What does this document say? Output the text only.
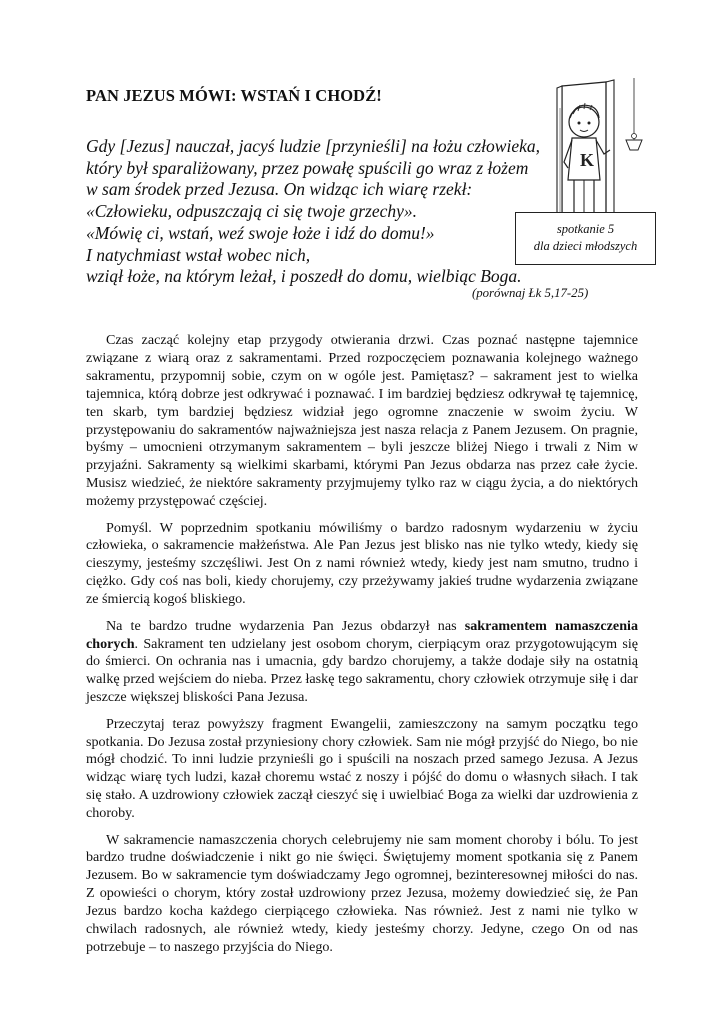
PAN JEZUS MÓWI: WSTAŃ I CHODŹ!
Gdy [Jezus] nauczał, jacyś ludzie [przynieśli] na łożu człowieka,
który był sparaliżowany, przez powałę spuścili go wraz z łożem
w sam środek przed Jezusa. On widząc ich wiarę rzekł:
«Człowieku, odpuszczają ci się twoje grzechy».
«Mówię ci, wstań, weź swoje łoże i idź do domu!»
I natychmiast wstał wobec nich,
wziął łoże, na którym leżał, i poszedł do domu, wielbiąc Boga.
(porównaj Łk 5,17-25)
K
spotkanie 5
dla dzieci młodszych

Czas zacząć kolejny etap przygody otwierania drzwi. Czas poznać następne tajemnice związane z wiarą oraz z sakramentami. Przed rozpoczęciem poznawania kolejnego ważnego sakramentu, przypomnij sobie, czym on w ogóle jest. Pamiętasz? – sakrament jest to wielka tajemnica, którą dobrze jest odkrywać i poznawać. I im bardziej będziesz odkrywał tę tajemnicę, ten skarb, tym bardziej będziesz widział jego ogromne znaczenie w swoim życiu. W przystępowaniu do sakramentów najważniejsza jest nasza relacja z Panem Jezusem. On pragnie, byśmy – umocnieni otrzymanym sakramentem – byli jeszcze bliżej Niego i trwali z Nim w przyjaźni. Sakramenty są wielkimi skarbami, którymi Pan Jezus obdarza nas przez całe życie. Musisz wiedzieć, że niektóre sakramenty przyjmujemy tylko raz w ciągu życia, a do niektórych możemy przystępować częściej.

Pomyśl. W poprzednim spotkaniu mówiliśmy o bardzo radosnym wydarzeniu w życiu człowieka, o sakramencie małżeństwa. Ale Pan Jezus jest blisko nas nie tylko wtedy, kiedy się cieszymy, jesteśmy szczęśliwi. Jest On z nami również wtedy, kiedy jest nam smutno, trudno i ciężko. Gdy coś nas boli, kiedy chorujemy, czy przeżywamy jakieś trudne wydarzenia związane ze śmiercią kogoś bliskiego.

Na te bardzo trudne wydarzenia Pan Jezus obdarzył nas sakramentem namaszczenia chorych. Sakrament ten udzielany jest osobom chorym, cierpiącym oraz przygotowującym się do śmierci. On ochrania nas i umacnia, gdy bardzo chorujemy, a także dodaje siły na ostatnią walkę przed wejściem do nieba. Przez łaskę tego sakramentu, chory człowiek otrzymuje siłę i dar jeszcze większej bliskości Pana Jezusa.

Przeczytaj teraz powyższy fragment Ewangelii, zamieszczony na samym początku tego spotkania. Do Jezusa został przyniesiony chory człowiek. Sam nie mógł przyjść do Niego, bo nie mógł chodzić. To inni ludzie przynieśli go i spuścili na noszach przed samego Jezusa. A Jezus widząc wiarę tych ludzi, kazał choremu wstać z noszy i pójść do domu o własnych siłach. I tak się stało. A uzdrowiony człowiek zaczął cieszyć się i uwielbiać Boga za wielki dar uzdrowienia z choroby.

W sakramencie namaszczenia chorych celebrujemy nie sam moment choroby i bólu. To jest bardzo trudne doświadczenie i nikt go nie święci. Świętujemy moment spotkania się z Panem Jezusem. Bo w sakramencie tym doświadczamy Jego ogromnej, bezinteresownej miłości do nas. Z opowieści o chorym, który został uzdrowiony przez Jezusa, możemy dowiedzieć się, że Pan Jezus bardzo kocha każdego cierpiącego człowieka. Nas również. Jest z nami nie tylko w chwilach radosnych, ale również wtedy, kiedy jesteśmy chorzy. Jedyne, czego On od nas potrzebuje – to naszego przyjścia do Niego.
